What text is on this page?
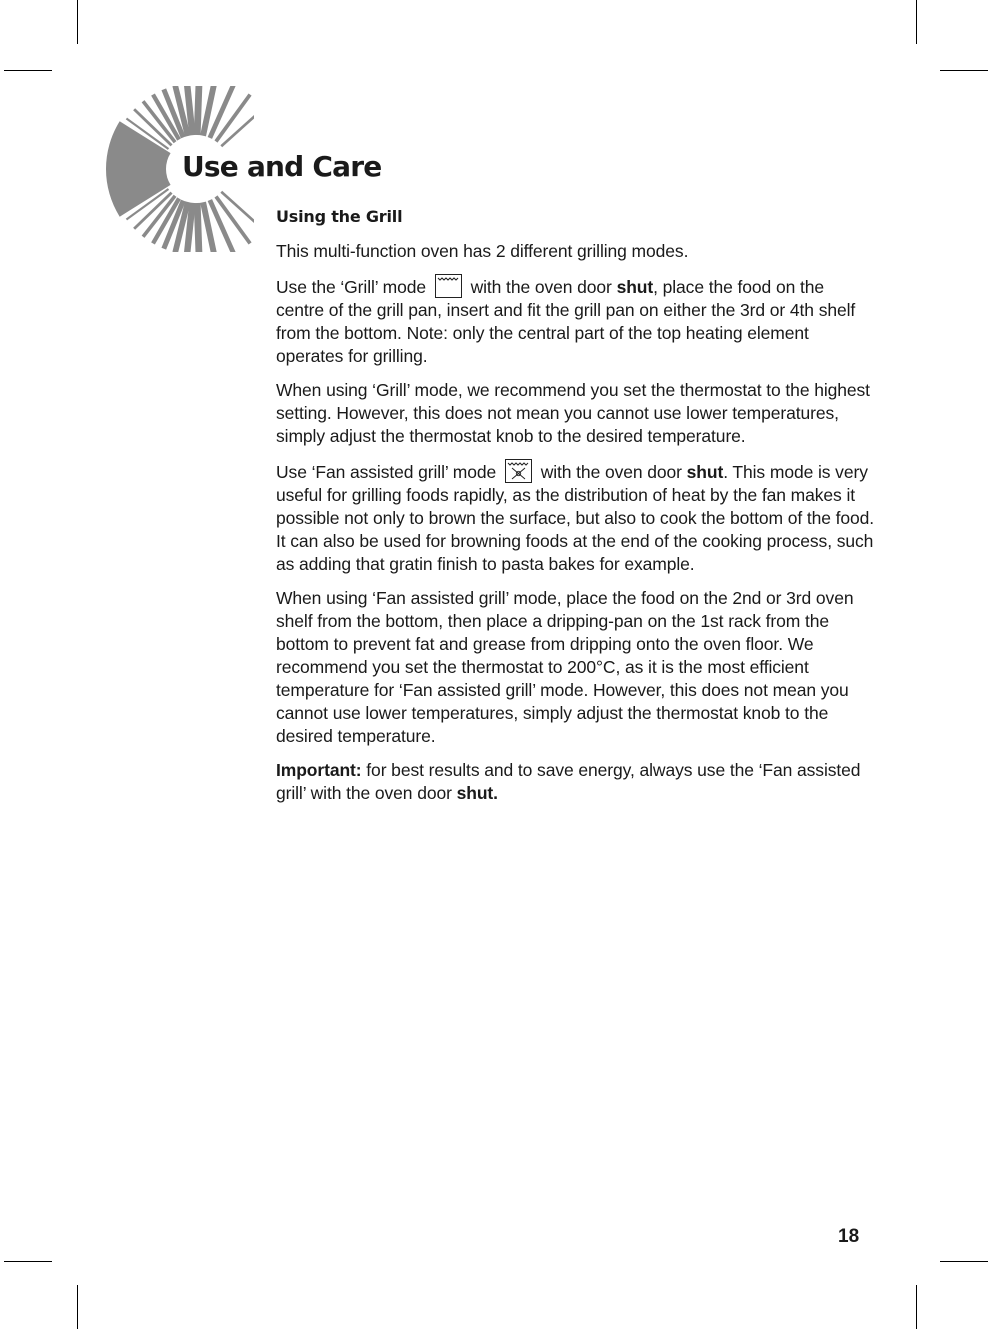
Use and Care
Using the Grill

This multi-function oven has 2 different grilling modes.

Use the ‘Grill’ mode	with the oven door shut, place the food on the centre of the grill pan, insert and fit the grill pan on either the 3rd or 4th shelf from the bottom. Note: only the central part of the top heating element operates for grilling.

When using ‘Grill’ mode, we recommend you set the thermostat to the highest setting. However, this does not mean you cannot use lower temperatures, simply adjust the thermostat knob to the desired temperature.

Use ‘Fan assisted grill’ mode	with the oven door shut. This mode is very useful for grilling foods rapidly, as the distribution of heat by the fan makes it possible not only to brown the surface, but also to cook the bottom of the food. It can also be used for browning foods at the end of the cooking process, such as adding that gratin finish to pasta bakes for example.

When using ‘Fan assisted grill’ mode, place the food on the 2nd or 3rd oven shelf from the bottom, then place a dripping-pan on the 1st rack from the bottom to prevent fat and grease from dripping onto the oven floor. We recommend you set the thermostat to 200°C, as it is the most efficient temperature for ‘Fan assisted grill’ mode. However, this does not mean you cannot use lower temperatures, simply adjust the thermostat knob to the desired temperature.

Important: for best results and to save energy, always use the ‘Fan assisted grill’ with the oven door shut.

18
